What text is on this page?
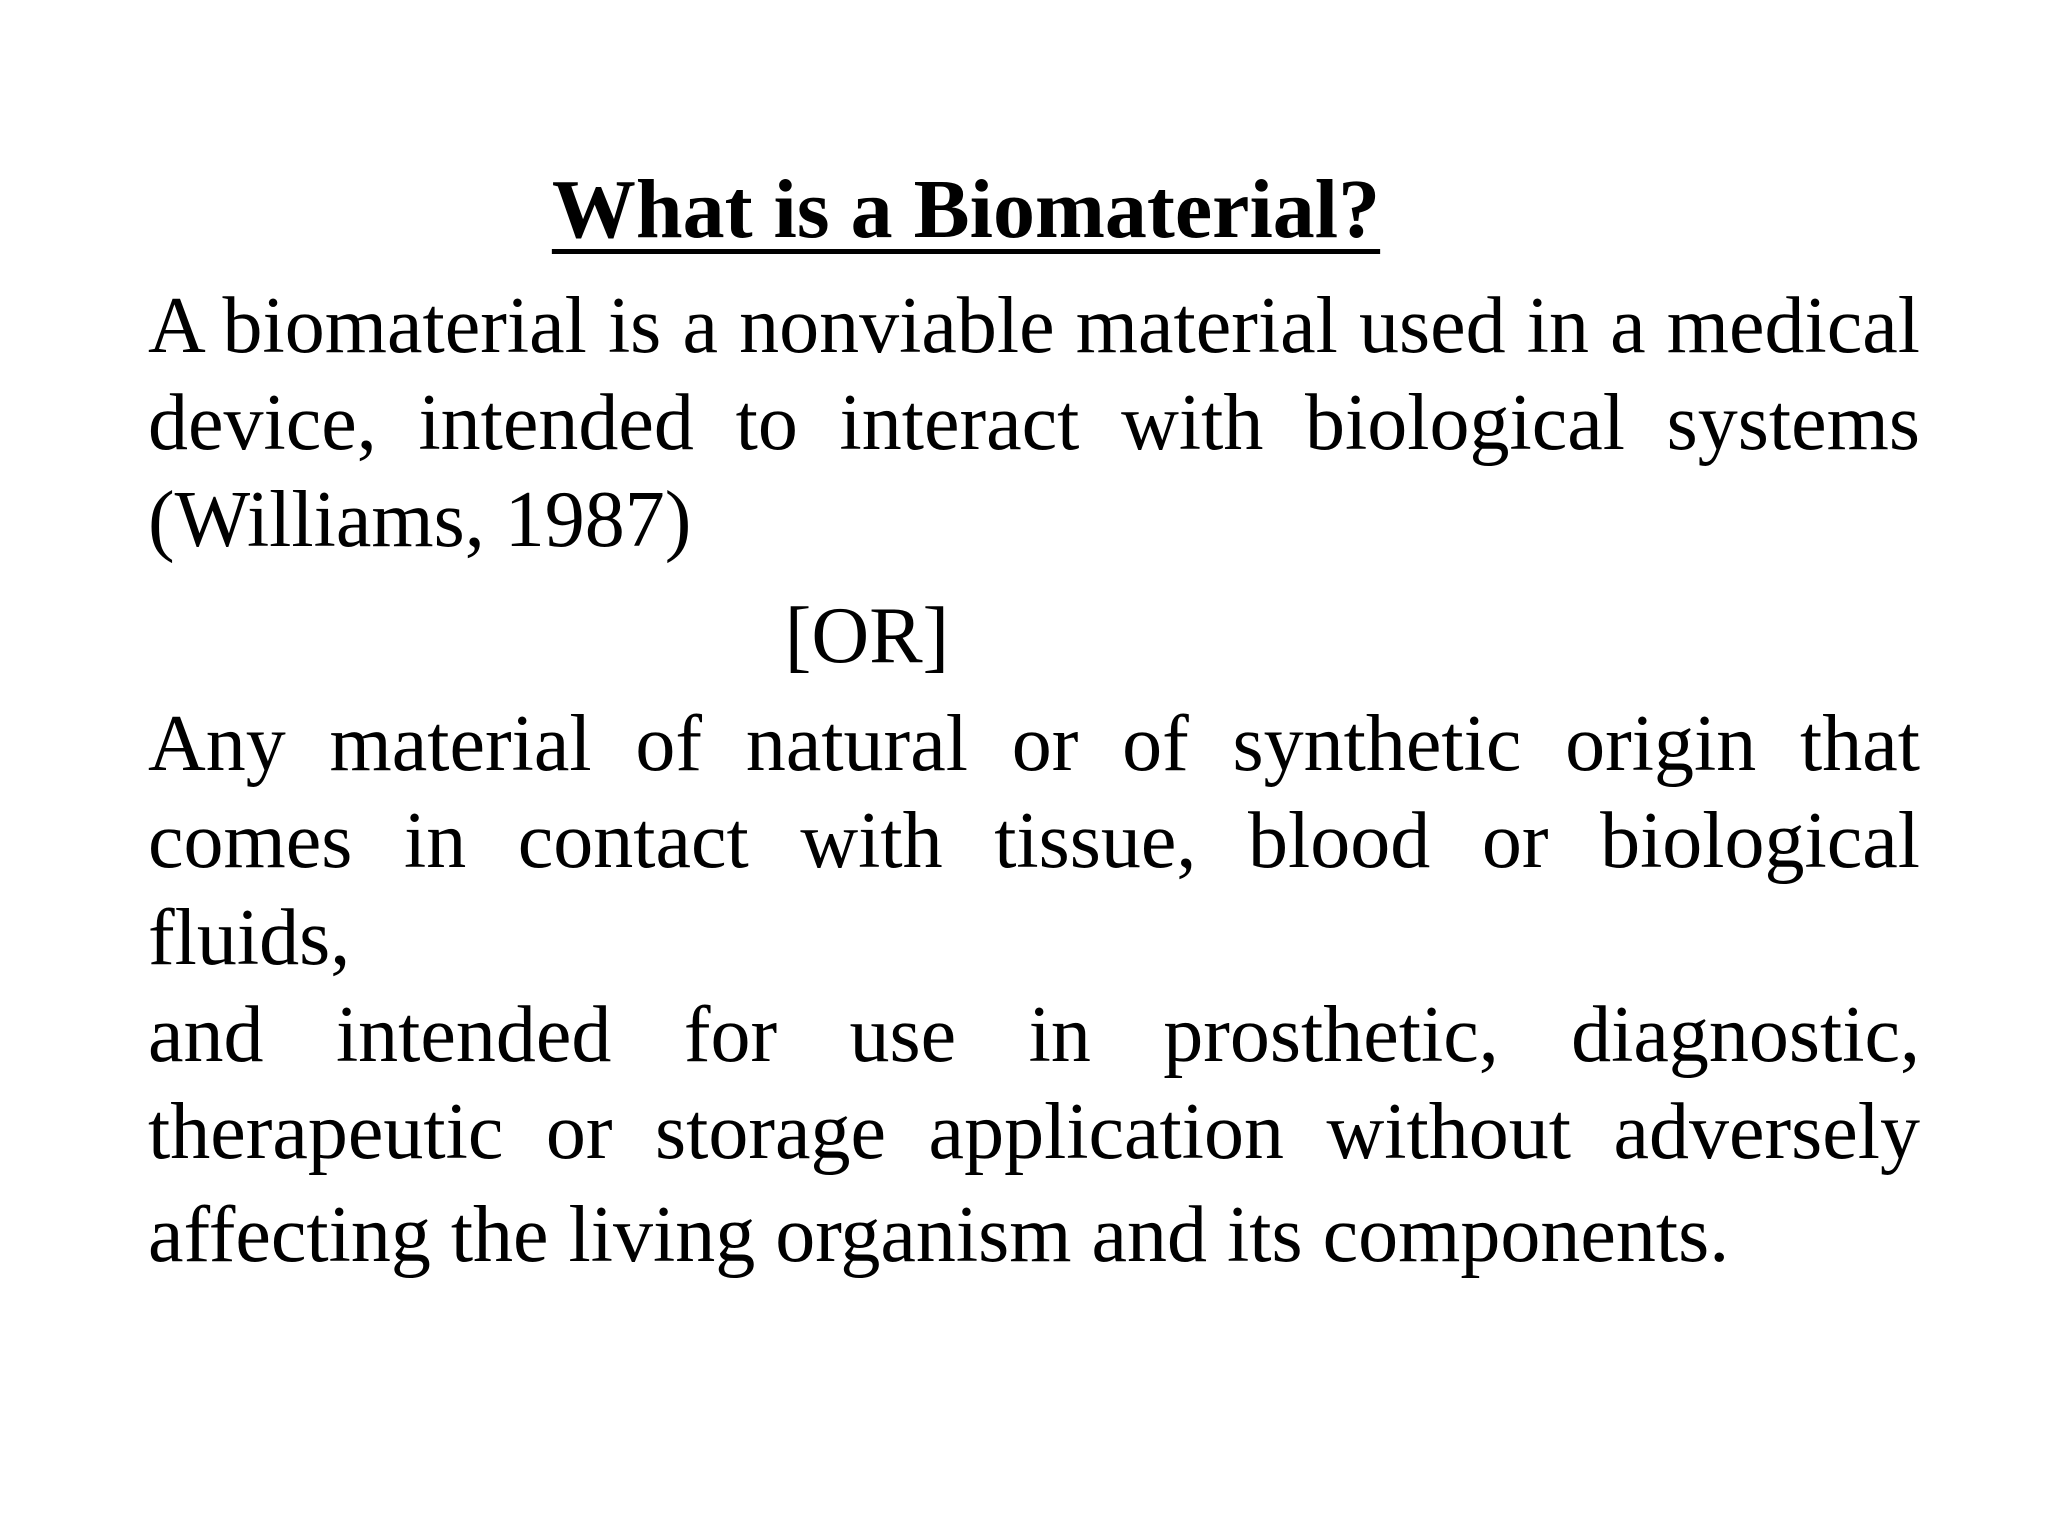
What is a Biomaterial?

A biomaterial is a nonviable material used in a medical
device, intended to interact with biological systems
(Williams, 1987)

[OR]

Any material of natural or of synthetic origin that
comes in contact with tissue, blood or biological fluids,
and intended for use in prosthetic, diagnostic,
therapeutic or storage application without adversely
affecting the living organism and its components.
